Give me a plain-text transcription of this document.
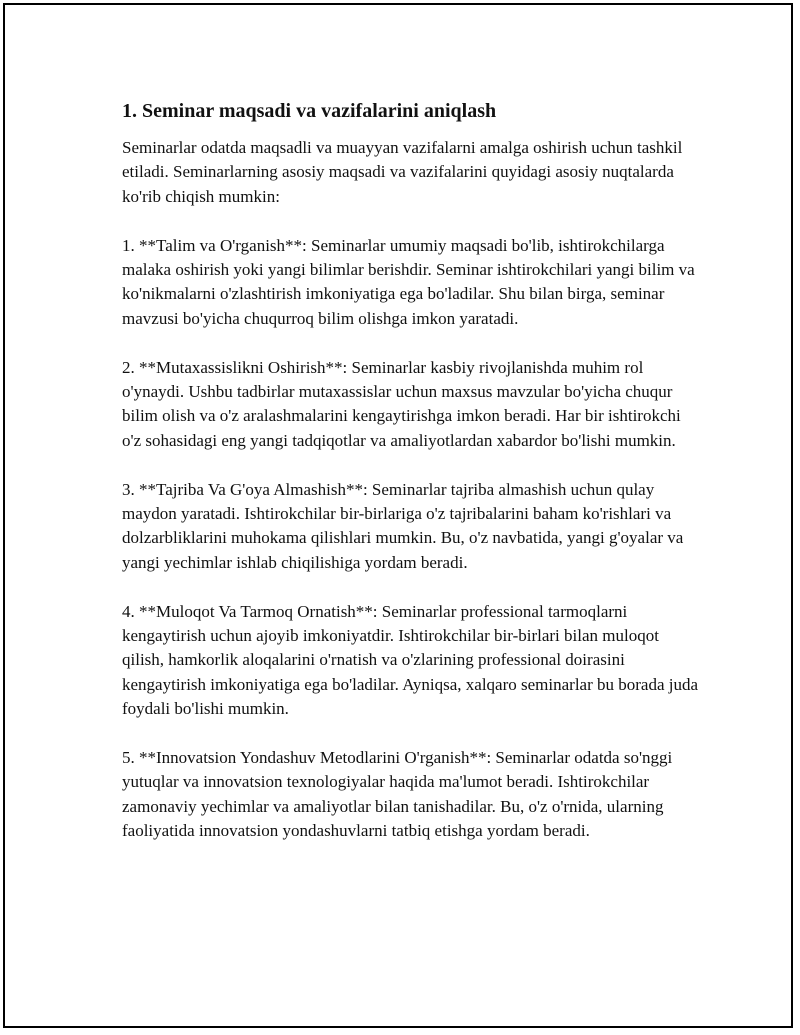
1. Seminar maqsadi va vazifalarini aniqlash

Seminarlar odatda maqsadli va muayyan vazifalarni amalga oshirish uchun tashkil etiladi. Seminarlarning asosiy maqsadi va vazifalarini quyidagi asosiy nuqtalarda ko'rib chiqish mumkin:

1. **Talim va O'rganish**: Seminarlar umumiy maqsadi bo'lib, ishtirokchilarga malaka oshirish yoki yangi bilimlar berishdir. Seminar ishtirokchilari yangi bilim va ko'nikmalarni o'zlashtirish imkoniyatiga ega bo'ladilar. Shu bilan birga, seminar mavzusi bo'yicha chuqurroq bilim olishga imkon yaratadi.

2. **Mutaxassislikni Oshirish**: Seminarlar kasbiy rivojlanishda muhim rol o'ynaydi. Ushbu tadbirlar mutaxassislar uchun maxsus mavzular bo'yicha chuqur bilim olish va o'z aralashmalarini kengaytirishga imkon beradi. Har bir ishtirokchi o'z sohasidagi eng yangi tadqiqotlar va amaliyotlardan xabardor bo'lishi mumkin.

3. **Tajriba Va G'oya Almashish**: Seminarlar tajriba almashish uchun qulay maydon yaratadi. Ishtirokchilar bir-birlariga o'z tajribalarini baham ko'rishlari va dolzarbliklarini muhokama qilishlari mumkin. Bu, o'z navbatida, yangi g'oyalar va yangi yechimlar ishlab chiqilishiga yordam beradi.

4. **Muloqot Va Tarmoq Ornatish**: Seminarlar professional tarmoqlarni kengaytirish uchun ajoyib imkoniyatdir. Ishtirokchilar bir-birlari bilan muloqot qilish, hamkorlik aloqalarini o'rnatish va o'zlarining professional doirasini kengaytirish imkoniyatiga ega bo'ladilar. Ayniqsa, xalqaro seminarlar bu borada juda foydali bo'lishi mumkin.

5. **Innovatsion Yondashuv Metodlarini O'rganish**: Seminarlar odatda so'nggi yutuqlar va innovatsion texnologiyalar haqida ma'lumot beradi. Ishtirokchilar zamonaviy yechimlar va amaliyotlar bilan tanishadilar. Bu, o'z o'rnida, ularning faoliyatida innovatsion yondashuvlarni tatbiq etishga yordam beradi.
